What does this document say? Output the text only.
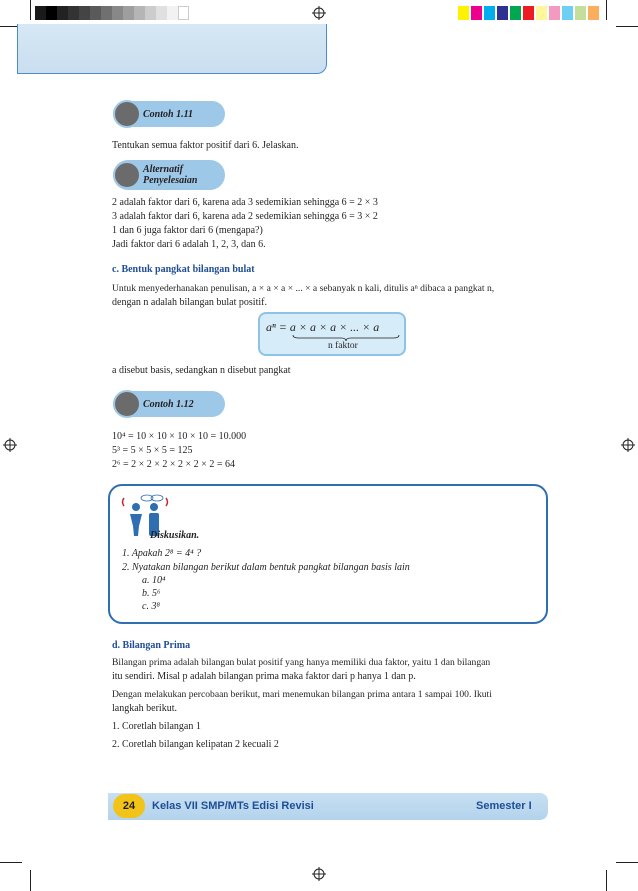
Contoh 1.11
Tentukan semua faktor positif dari 6. Jelaskan.
Alternatif
Penyelesaian
2 adalah faktor dari 6, karena ada 3 sedemikian sehingga 6 = 2 × 3
3 adalah faktor dari 6, karena ada 2 sedemikian sehingga 6 = 3 × 2
1 dan 6 juga faktor dari 6 (mengapa?)
Jadi faktor dari 6 adalah 1, 2, 3, dan 6.
c. Bentuk pangkat bilangan bulat
Untuk menyederhanakan penulisan, a × a × a × ... × a sebanyak n kali, ditulis aⁿ dibaca a pangkat n,
dengan n adalah bilangan bulat positif.
aⁿ = a × a × a × ... × a
n faktor
a disebut basis, sedangkan n disebut pangkat
Contoh 1.12
10⁴ = 10 × 10 × 10 × 10 = 10.000
5³ = 5 × 5 × 5 = 125
2⁶ = 2 × 2 × 2 × 2 × 2 × 2 = 64
Diskusikan.
1. Apakah 2⁸ = 4⁴ ?
2. Nyatakan bilangan berikut dalam bentuk pangkat bilangan basis lain
a. 10⁴
b. 5⁶
c. 3⁸
d. Bilangan Prima
Bilangan prima adalah bilangan bulat positif yang hanya memiliki dua faktor, yaitu 1 dan bilangan
itu sendiri. Misal p adalah bilangan prima maka faktor dari p hanya 1 dan p.
Dengan melakukan percobaan berikut, mari menemukan bilangan prima antara 1 sampai 100. Ikuti
langkah berikut.
1. Coretlah bilangan 1
2. Coretlah bilangan kelipatan 2 kecuali 2
24	Kelas VII SMP/MTs Edisi Revisi	Semester I
